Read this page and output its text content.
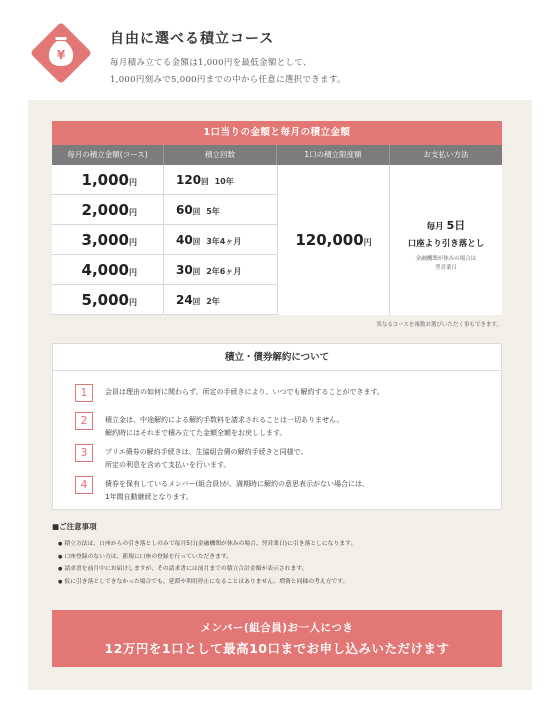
¥
自由に選べる積立コース
毎月積み立てる金額は1,000円を最低金額として、
1,000円刻みで5,000円までの中から任意に選択できます。
1口当りの金額と毎月の積立金額
毎月の積立金額(コース)	積立回数	1口の積立限度額	お支払い方法
1,000円	120回 10年
2,000円	60回 5年
3,000円	40回 3年4ヶ月
4,000円	30回 2年6ヶ月
5,000円	24回 2年
120,000円
毎月 5日
口座より引き落とし
金融機関が休みの場合は
翌営業日
異なるコースを複数お選びいただく事もできます。
積立・債券解約について
1	会員は理由の如何に関わらず、所定の手続きにより、いつでも解約することができます。
2	積立金は、中途解約による解約手数料を請求されることは一切ありません。
解約時にはそれまで積み立てた金額全額をお戻しします。
3	プリエ債券の解約手続きは、生協組合債の解約手続きと同様で、
所定の利息を含めて支払いを行います。
4	債券を保有しているメンバー(組合員)が、満期時に解約の意思表示がない場合には、
1年間自動継続となります。
■ご注意事項
● 積立方法は、口座からの引き落としのみで毎月5日(金融機関が休みの場合、翌営業日)に引き落としになります。
● 口座登録のない方は、新規に口座の登録を行っていただきます。
● 請求書を前月中にお届けしますが、その請求書には前月までの積立合計金額が表示されます。
● 仮に引き落としできなかった場合でも、延滞や利用停止になることはありません。増資と同様の考え方です。
メンバー(組合員)お一人につき
12万円を1口として最高10口までお申し込みいただけます
